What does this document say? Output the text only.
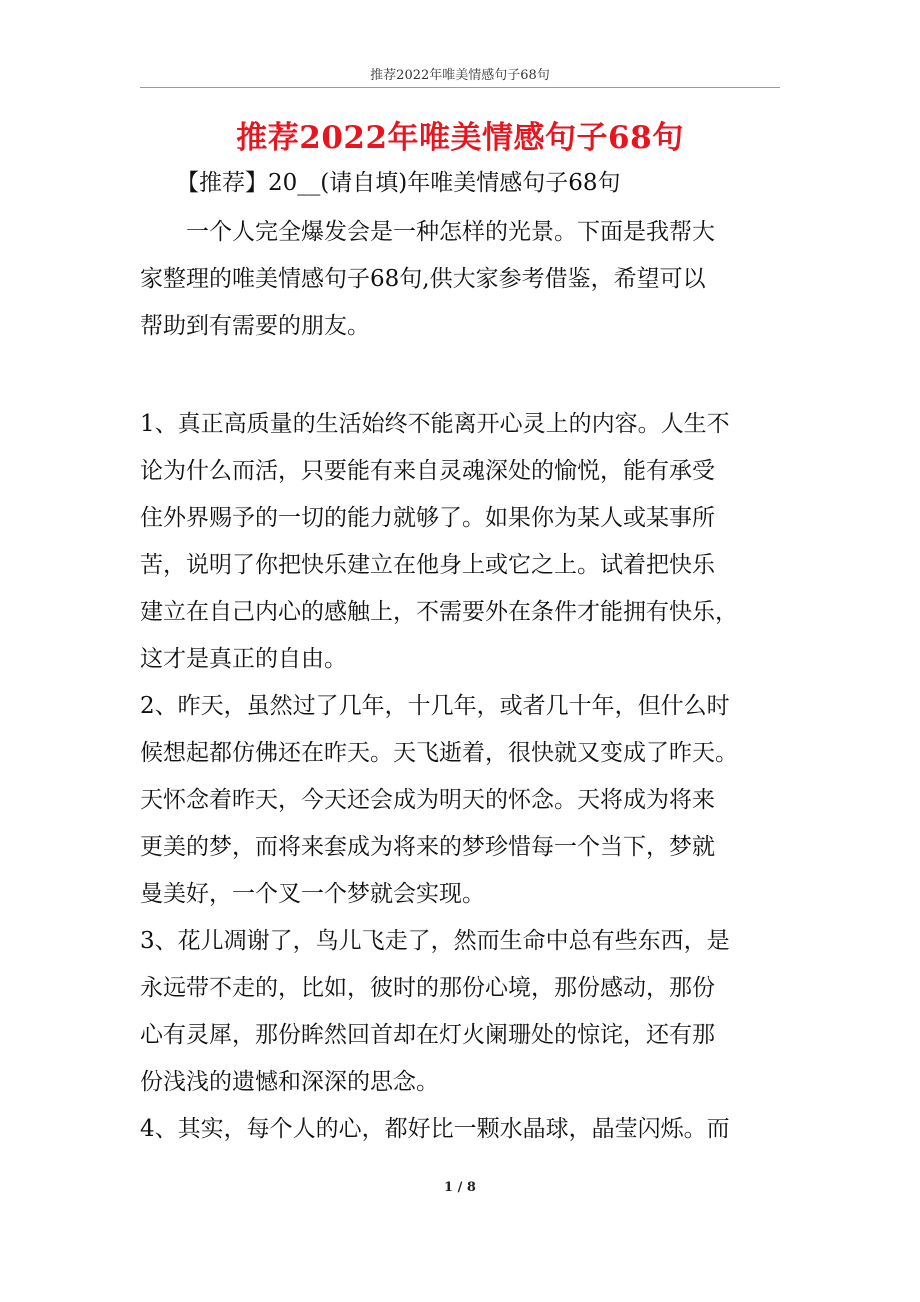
推荐2022年唯美情感句子68句
推荐2022年唯美情感句子68句
【推荐】20__(请自填)年唯美情感句子68句
一个人完全爆发会是一种怎样的光景。下面是我帮大
家整理的唯美情感句子68句,供大家参考借鉴，希望可以
帮助到有需要的朋友。
1、真正高质量的生活始终不能离开心灵上的内容。人生不
论为什么而活，只要能有来自灵魂深处的愉悦，能有承受
住外界赐予的一切的能力就够了。如果你为某人或某事所
苦，说明了你把快乐建立在他身上或它之上。试着把快乐
建立在自己内心的感触上，不需要外在条件才能拥有快乐，
这才是真正的自由。
2、昨天，虽然过了几年，十几年，或者几十年，但什么时
候想起都仿佛还在昨天。天飞逝着，很快就又变成了昨天。
天怀念着昨天，今天还会成为明天的怀念。天将成为将来
更美的梦，而将来套成为将来的梦珍惜每一个当下，梦就
曼美好，一个叉一个梦就会实现。
3、花儿凋谢了，鸟儿飞走了，然而生命中总有些东西，是
永远带不走的，比如，彼时的那份心境，那份感动，那份
心有灵犀，那份眸然回首却在灯火阑珊处的惊诧，还有那
份浅浅的遗憾和深深的思念。
4、其实，每个人的心，都好比一颗水晶球，晶莹闪烁。而
1 / 8
